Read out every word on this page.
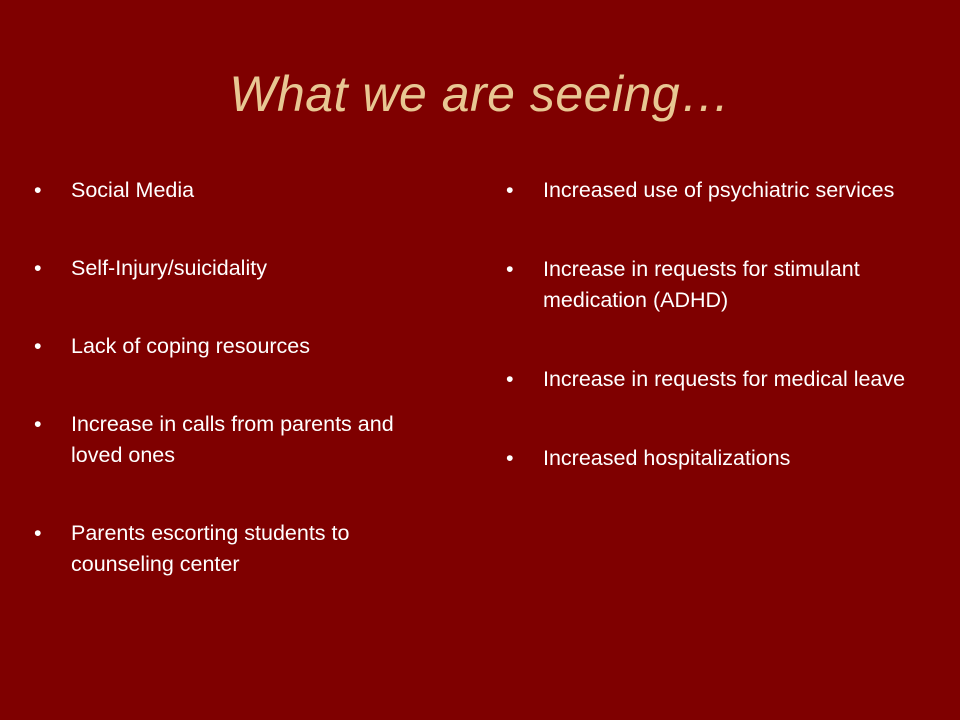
What we are seeing…
• Social Media
• Self-Injury/suicidality
• Lack of coping resources
• Increase in calls from parents and loved ones
• Parents escorting students to counseling center
• Increased use of psychiatric services
• Increase in requests for stimulant medication (ADHD)
• Increase in requests for medical leave
• Increased hospitalizations
